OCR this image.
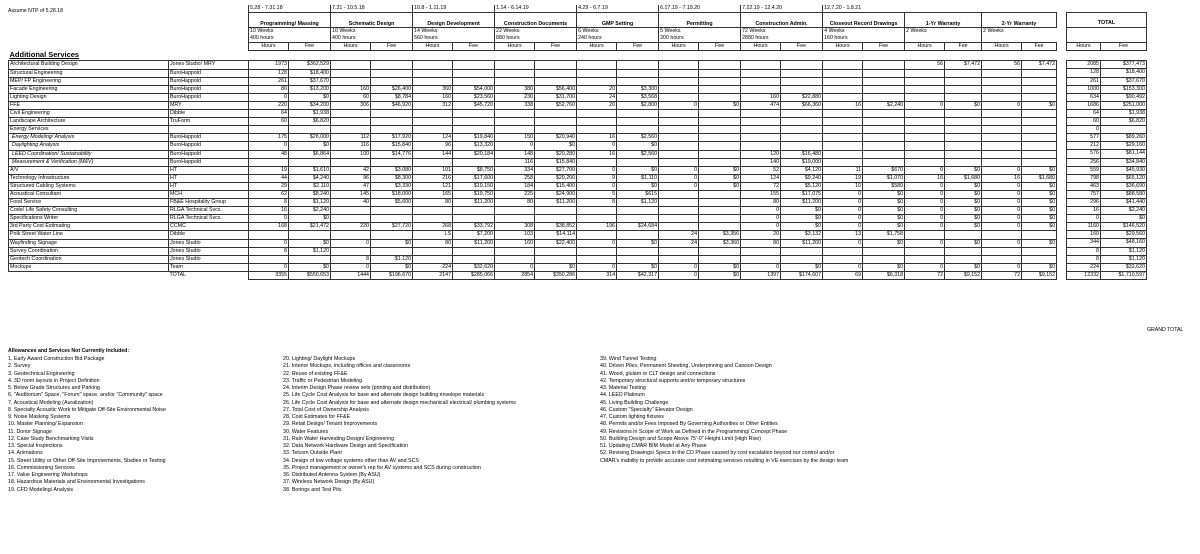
Assume NTP of 5.28.18
		5.28 - 7.31.18		7.31 - 10.5.18		10.8 - 1.11.19		1.14 - 6.14.19		4.29 - 6.7.19		6.17.19 - 7.19.20		7.22.19 - 12.4.20		12.7.20 - 1.8.21					
		Programming/ Massing		Schematic Design		Design Development		Construction Documents		GMP Setting		Permitting		Construction Admin.		Closeout Record Drawings		1-Yr Warranty		2-Yr Warranty	
		10 Weeks		10 Weeks		14 Weeks		22 Weeks		6 Weeks		5 Weeks		72 Weeks		4 Weeks		2 Weeks		2 Weeks	
		400 hours		400 hours		560 hours		880 hours		240 hours		200 hours		2880 hours		160 hours					
		Hours	Fee	Hours	Fee	Hours	Fee	Hours	Fee	Hours	Fee	Hours	Fee	Hours	Fee	Hours	Fee	Hours	Fee	Hours	Fee
Additional Services																					
Architectural Building Design	Jones Studio/ MRY	1973	$362,529															56	$7,472	56	$7,472
Structural Engineering	BuroHappold	128	$18,400																		
MEP/ FP Engineering	BuroHappold	261	$37,670																		
Facade Engineering	BuroHappold	80	$13,200	160	$26,400	360	$54,000	380	$56,400	20	$3,300										
Lighting Design	BuroHappold	0	$0	60	$8,784	160	$23,560	230	$31,700	24	$3,568			160	$22,880						
FFE	MRY	220	$34,200	306	$46,920	312	$45,720	338	$52,760	20	$2,800	0	$0	474	$66,360	16	$2,240	0	$0	0	$0
Civil Engineering	Dibble	64	$1,938																		
Landscape Architecture	TruForm	60	$6,820																		
Energy Services																					
Energy Modeling/ Analysis	BuroHappold	175	$28,000	112	$17,920	124	$19,840	150	$20,940	16	$2,560										
Daylighting Analysis	BuroHappold	0	$0	116	$15,840	96	$13,320	0	$0	0	$0										
LEED Coordination/ Sustainability	BuroHappold	48	$6,864	100	$14,776	144	$20,184	148	$20,280	16	$2,560			120	$16,480						
Measurement & Verification (M&V)	BuroHappold							116	$15,840					140	$19,000						
A/V	HT	19	$1,610	42	$3,080	101	$8,750	334	$27,700	0	$0	0	$0	52	$4,120	11	$670	0	$0	0	$0
Technology Infrastructure	HT	44	$4,240	96	$8,300	216	$17,600	258	$20,200	9	$1,110	0	$0	124	$9,240	19	$1,070	16	$1,680	16	$1,680
Structured Cabling Systems	HT	29	$2,110	47	$3,330	121	$10,150	184	$15,400	0	$0	0	$0	72	$5,120	10	$580	0	$0	0	$0
Acoustical Consultant	MCH	62	$8,240	145	$18,000	165	$19,750	225	$24,900	5	$615			155	$17,075	0	$0	0	$0	0	$0
Food Service	FB&E Hospitality Group	8	$1,120	40	$5,600	80	$11,200	80	$11,200	8	$1,120			80	$11,200	0	$0	0	$0	0	$0
Code/ Life Safety Consulting	RLGA Technical Svcs.	16	$2,240											0	$0	0	$0	0	$0	0	$0
Specifications Writer	RLGA Technical Svcs.	0	$0											0	$0	0	$0	0	$0	0	$0
3rd Party Cost Estimating	CCMC	168	$21,472	220	$27,720	268	$33,792	308	$38,852	196	$24,684			0	$0	0	$0	0	$0	0	$0
Polk Street Water Line	Dibble					LS	$7,200	103	$14,114			24	$3,356	20	$3,132	13	$1,758				
Wayfinding Signage	Jones Studio	0	$0	0	$0	80	$11,200	160	$22,400	0	$0	24	$3,360	80	$11,200	0	$0	0	$0	0	$0
Survey Coordination	Jones Studio	8	$1,120																		
Geotech Coordination	Jones Studio			8	$1,120																
Mockups	Team	0	$0	0	$0	224	$32,620	0	$0	0	$0	0	$0	0	$0	0	$0	0	$0	0	$0
	TOTAL	3355	$550,653	1444	$196,670	2147	$285,066	2854	$350,286	314	$42,317	0	$0	1397	$174,607	69	$6,318	72	$9,152	72	$9,152

TOTAL	

Hours	Fee

2085	$377,473
128	$18,400
261	$37,670
1000	$153,300
634	$90,492
1686	$251,000
64	$1,938
60	$6,820
0	
577	$89,260
212	$29,160
576	$81,144
256	$34,840
559	$45,930
798	$65,120
463	$36,690
757	$88,580
296	$41,440
16	$2,240
0	$0
1160	$146,520
160	$29,560
344	$48,160
8	$1,120
8	$1,120
224	$32,620
12332	$1,710,597
GRAND TOTAL
Allowances and Services Not Currently Included:
1. Early Award Construction Bid Package
2. Survey
3. Geotechnical Engineering
4. 3D room layouts in Project Definition
5. Below Grade Structures and Parking
6. "Auditorium" Space, "Forum" space, and/or "Community" space
7. Acoustical Modeling (Auralization)
8. Specialty Acoustic Work to Mitigate Off-Site Environmental Noise
9. Noise Masking Systems
10. Master Planning/ Expansion
11. Donor Signage
12. Case Study Benchmarking Visits
13. Special Inspections
14. Animations
15. Street Utility or Other Off-Site Improvements, Studies or Testing
16. Commissioning Services
17. Value Engineering Workshops
18. Hazardous Materials and Environmental Investigations
19. CFD Modeling/ Analysis
20. Lighting/ Daylight Mockups
21. Interior Mockups, including offices and classrooms
22. Reuse of existing FF&E
23. Traffic or Pedestrian Modeling
24. Interim Design Phase review sets (printing and distribution)
25. Life Cycle Cost Analysis for base and alternate design building envelope materials
26. Life Cycle Cost Analysis for base and alternate design mechanical/ electrical/ plumbing systems
27. Total Cost of Ownership Analysis
28. Cost Estimates for FF&E
29. Retail Design/ Tenant Improvements
30. Water Features
31. Rain Water Harvesting Design/ Engineering
32. Data Network Hardware Design and Specification
33. Telcom Outside Plant
34. Design of low voltage systems other than AV and SCS
35. Project management or owner's rep for AV systems and SCS during construction
36. Distributed Antenna System (By ASU)
37. Wireless Network Design (By ASU)
38. Borings and Test Pits
39. Wind Tunnel Testing
40. Driven Piles, Permanent Sheeting, Underpinning and Caisson Design
41. Wood, glulam or CLT design and connections
42. Temporary structural supports and/or temporary structures
43. Material Testing
44. LEED Platinum
45. Living Building Challenge
46. Custom "Specialty" Elevator Design
47. Custom lighting fixtures
48. Permits and/or Fees Imposed By Governing Authorities or Other Entities
49. Revisions in Scope of Work as Defined in the Programming/ Concept Phase
50. Building Design and Scope Above 75'-0" Height Limit (High Rise)
51. Updating CMAR BIM Model at Any Phase
52. Revising Drawings/ Specs in the CD Phase caused by cost escalation beyond our control and/or
CMAR's inability to provide accurate cost estimating services resulting in VE exercises by the design team
